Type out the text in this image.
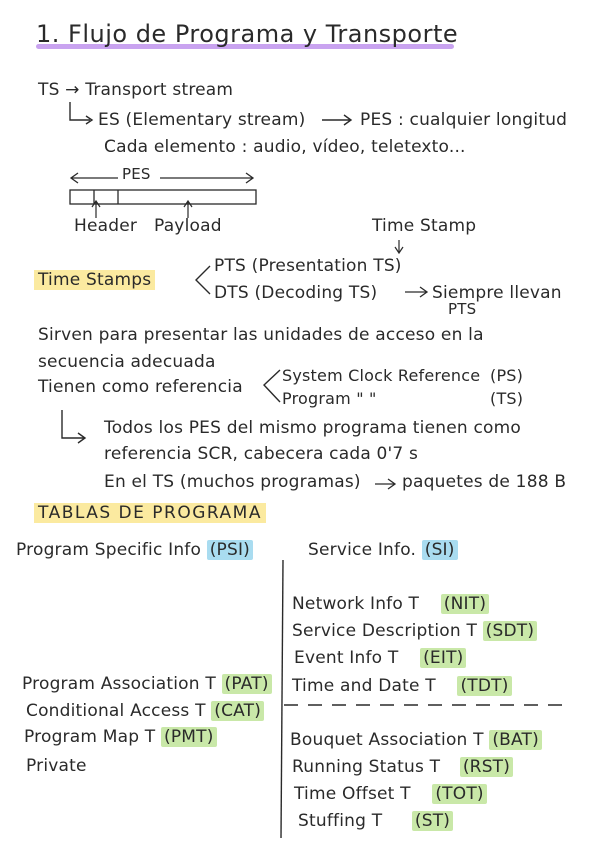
1. Flujo de Programa y Transporte
TS → Transport stream
ES (Elementary stream)	PES : cualquier longitud
Cada elemento : audio, vídeo, teletexto...
PES
Header Payload	Time Stamp
Time Stamps
PTS (Presentation TS)
DTS (Decoding TS)	Siempre llevan
PTS
Sirven para presentar las unidades de acceso en la
secuencia adecuada
Tienen como referencia
System Clock Reference (PS)
Program " "	(TS)
Todos los PES del mismo programa tienen como
referencia SCR, cabecera cada 0'7 s
En el TS (muchos programas) paquetes de 188 B
TABLAS DE PROGRAMA
Program Specific Info (PSI)	Service Info. (SI)
Program Association T (PAT)
Conditional Access T (CAT)
Program Map T (PMT)
Private
Network Info T (NIT)
Service Description T (SDT)
Event Info T (EIT)
Time and Date T (TDT)
Bouquet Association T (BAT)
Running Status T (RST)
Time Offset T (TOT)
Stuffing T (ST)
